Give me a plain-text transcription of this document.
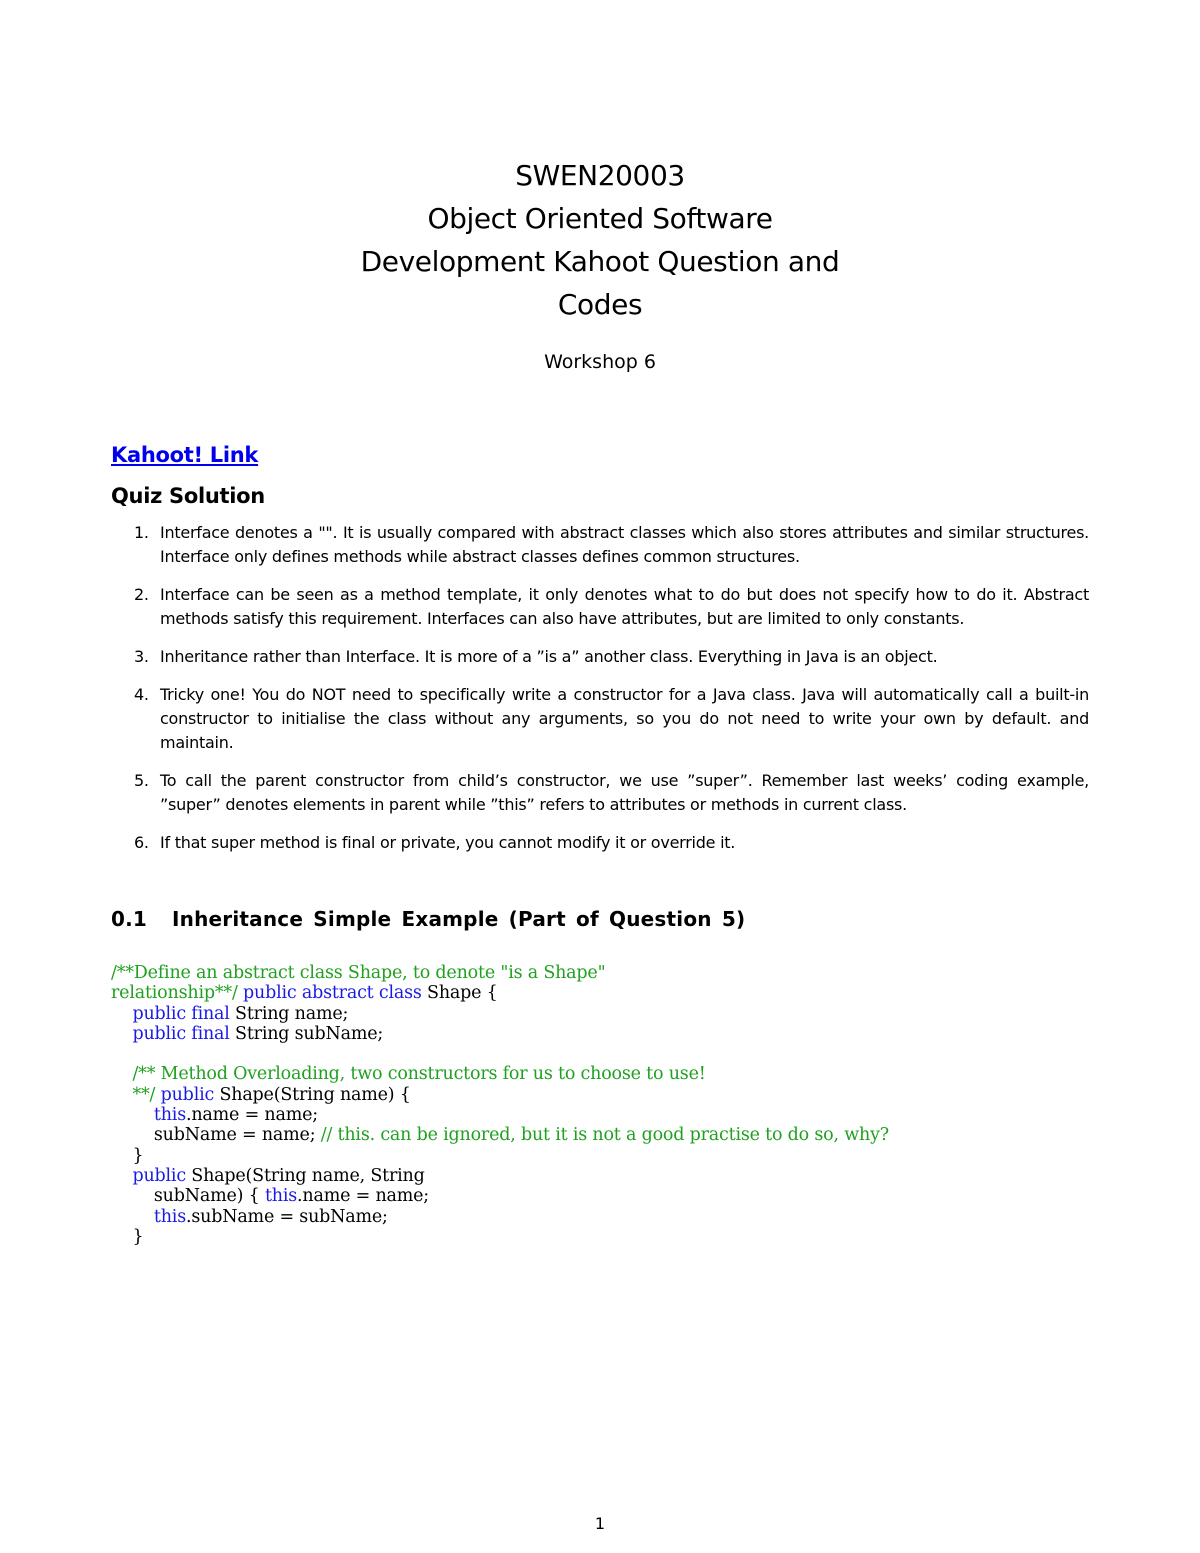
SWEN20003
Object Oriented Software
Development Kahoot Question and
Codes
Workshop 6
Kahoot! Link
Quiz Solution
1. Interface denotes a "". It is usually compared with abstract classes which also stores attributes and similar structures. Interface only defines methods while abstract classes defines common structures.
2. Interface can be seen as a method template, it only denotes what to do but does not specify how to do it. Abstract methods satisfy this requirement. Interfaces can also have attributes, but are limited to only constants.
3. Inheritance rather than Interface. It is more of a ”is a” another class. Everything in Java is an object.
4. Tricky one! You do NOT need to specifically write a constructor for a Java class. Java will automatically call a built-in constructor to initialise the class without any arguments, so you do not need to write your own by default. and maintain.
5. To call the parent constructor from child’s constructor, we use ”super”. Remember last weeks’ coding example, ”super” denotes elements in parent while ”this” refers to attributes or methods in current class.
6. If that super method is final or private, you cannot modify it or override it.
0.1 Inheritance Simple Example (Part of Question 5)
/**Define an abstract class Shape, to denote "is a Shape"
relationship**/ public abstract class Shape {
public final String name;
public final String subName;

/** Method Overloading, two constructors for us to choose to use!
**/ public Shape(String name) {
this.name = name;
subName = name; // this. can be ignored, but it is not a good practise to do so, why?
}
public Shape(String name, String
subName) { this.name = name;
this.subName = subName;
}
1
